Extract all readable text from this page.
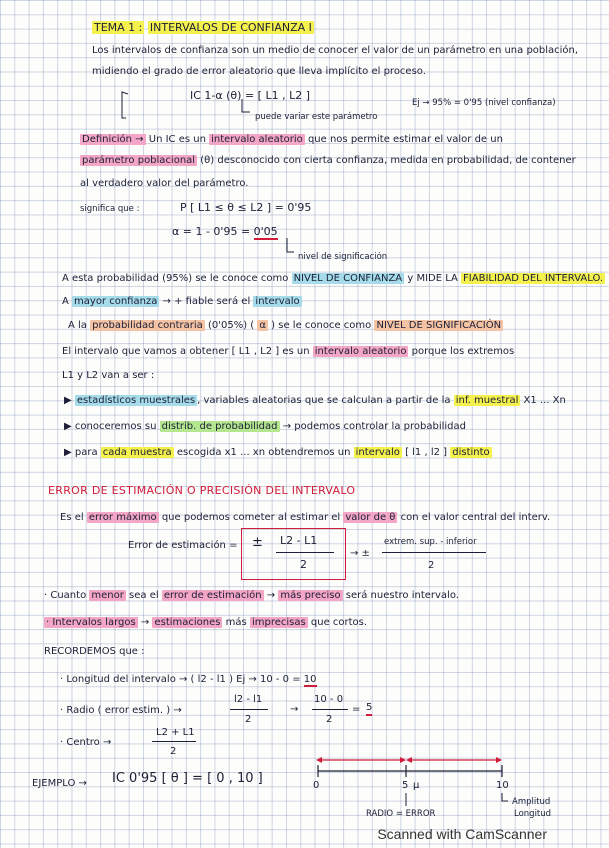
TEMA 1 : INTERVALOS DE CONFIANZA I
Los intervalos de confianza son un medio de conocer el valor de un parámetro en una población,
midiendo el grado de error aleatorio que lleva implícito el proceso.
IC 1-α (θ) = [ L1 , L2 ]
Ej → 95% = 0'95 (nivel confianza)
puede variar este parámetro
Definición → Un IC es un intervalo aleatorio que nos permite estimar el valor de un
parámetro poblacional (θ) desconocido con cierta confianza, medida en probabilidad, de contener
al verdadero valor del parámetro.
significa que :	P [ L1 ≤ θ ≤ L2 ] = 0'95
α = 1 - 0'95 = 0'05
nivel de significación
A esta probabilidad (95%) se le conoce como NIVEL DE CONFIANZA y MIDE LA FIABILIDAD DEL INTERVALO.
A mayor confianza → + fiable será el intervalo
A la probabilidad contraria (0'05%) ( α ) se le conoce como NIVEL DE SIGNIFICACIÓN
El intervalo que vamos a obtener [ L1 , L2 ] es un intervalo aleatorio porque los extremos
L1 y L2 van a ser :
▶ estadísticos muestrales , variables aleatorias que se calculan a partir de la inf. muestral X1 ... Xn
▶ conoceremos su distrib. de probabilidad → podemos controlar la probabilidad
▶ para cada muestra escogida x1 ... xn obtendremos un intervalo [ l1 , l2 ] distinto
ERROR DE ESTIMACIÓN O PRECISIÓN DEL INTERVALO
Es el error máximo que podemos cometer al estimar el valor de θ con el valor central del interv.
Error de estimación = ± L2 - L1
2
→ ±
extrem. sup. - inferior
2
· Cuanto menor sea el error de estimación → más preciso será nuestro intervalo.
· Intervalos largos → estimaciones más imprecisas que cortos.
RECORDEMOS que :
· Longitud del intervalo → ( l2 - l1 ) Ej → 10 - 0 = 10
· Radio ( error estim. ) →
l2 - l1
2
→
10 - 0
2
= 5
· Centro →
L2 + L1
2
EJEMPLO → IC 0'95 [ θ ] = [ 0 , 10 ]	0	5 μ	10
RADIO = ERROR
Amplitud
Longitud
Scanned with CamScanner
